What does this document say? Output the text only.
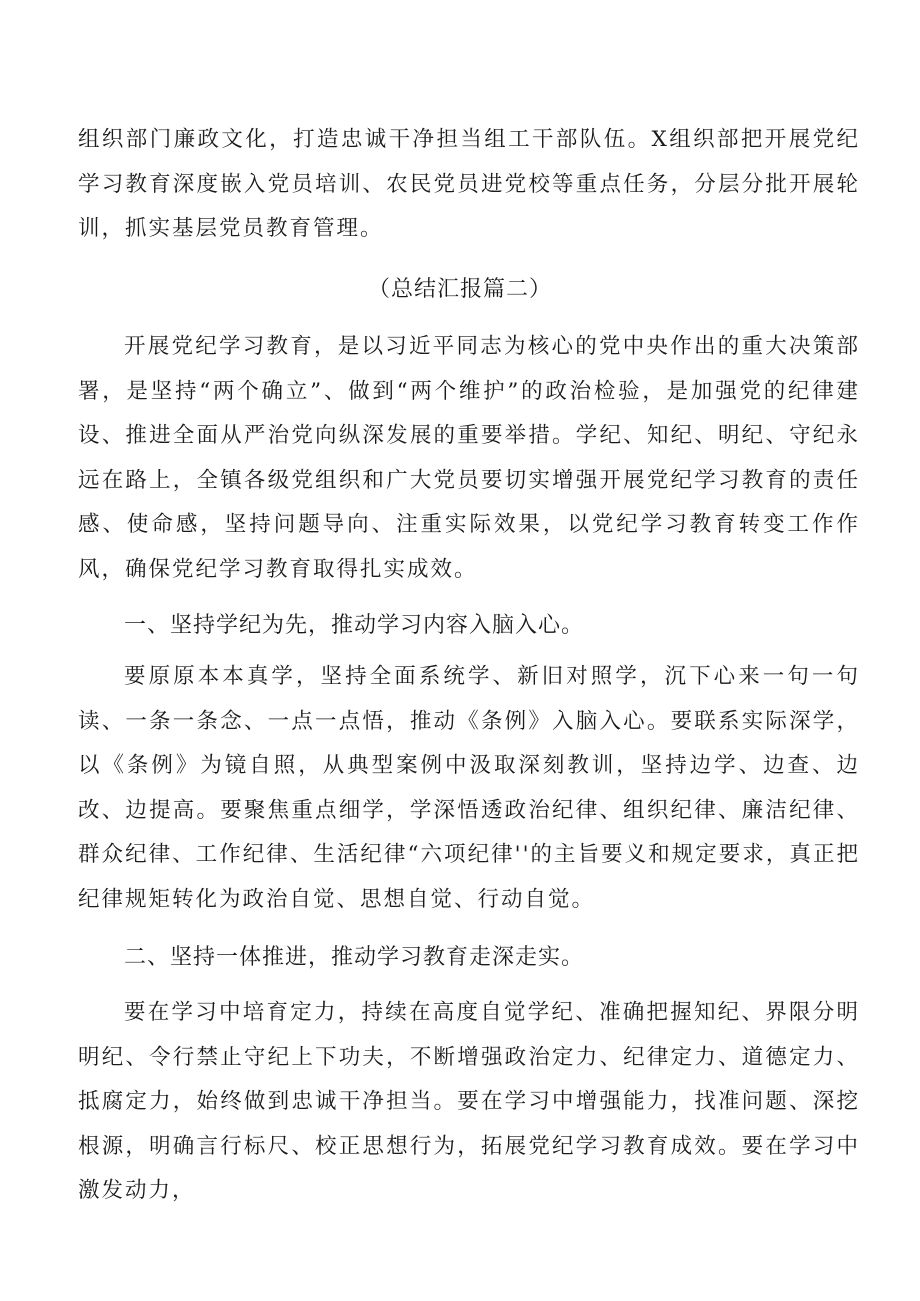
组织部门廉政文化，打造忠诚干净担当组工干部队伍。X组织部把开展党纪学习教育深度嵌入党员培训、农民党员进党校等重点任务，分层分批开展轮训，抓实基层党员教育管理。

（总结汇报篇二）

开展党纪学习教育，是以习近平同志为核心的党中央作出的重大决策部署，是坚持“两个确立”、做到“两个维护”的政治检验，是加强党的纪律建设、推进全面从严治党向纵深发展的重要举措。学纪、知纪、明纪、守纪永远在路上，全镇各级党组织和广大党员要切实增强开展党纪学习教育的责任感、使命感，坚持问题导向、注重实际效果，以党纪学习教育转变工作作风，确保党纪学习教育取得扎实成效。

一、坚持学纪为先，推动学习内容入脑入心。

要原原本本真学，坚持全面系统学、新旧对照学，沉下心来一句一句读、一条一条念、一点一点悟，推动《条例》入脑入心。要联系实际深学，以《条例》为镜自照，从典型案例中汲取深刻教训，坚持边学、边查、边改、边提高。要聚焦重点细学，学深悟透政治纪律、组织纪律、廉洁纪律、群众纪律、工作纪律、生活纪律“六项纪律''的主旨要义和规定要求，真正把纪律规矩转化为政治自觉、思想自觉、行动自觉。

二、坚持一体推进，推动学习教育走深走实。

要在学习中培育定力，持续在高度自觉学纪、准确把握知纪、界限分明明纪、令行禁止守纪上下功夫，不断增强政治定力、纪律定力、道德定力、抵腐定力，始终做到忠诚干净担当。要在学习中增强能力，找准问题、深挖根源，明确言行标尺、校正思想行为，拓展党纪学习教育成效。要在学习中激发动力，
